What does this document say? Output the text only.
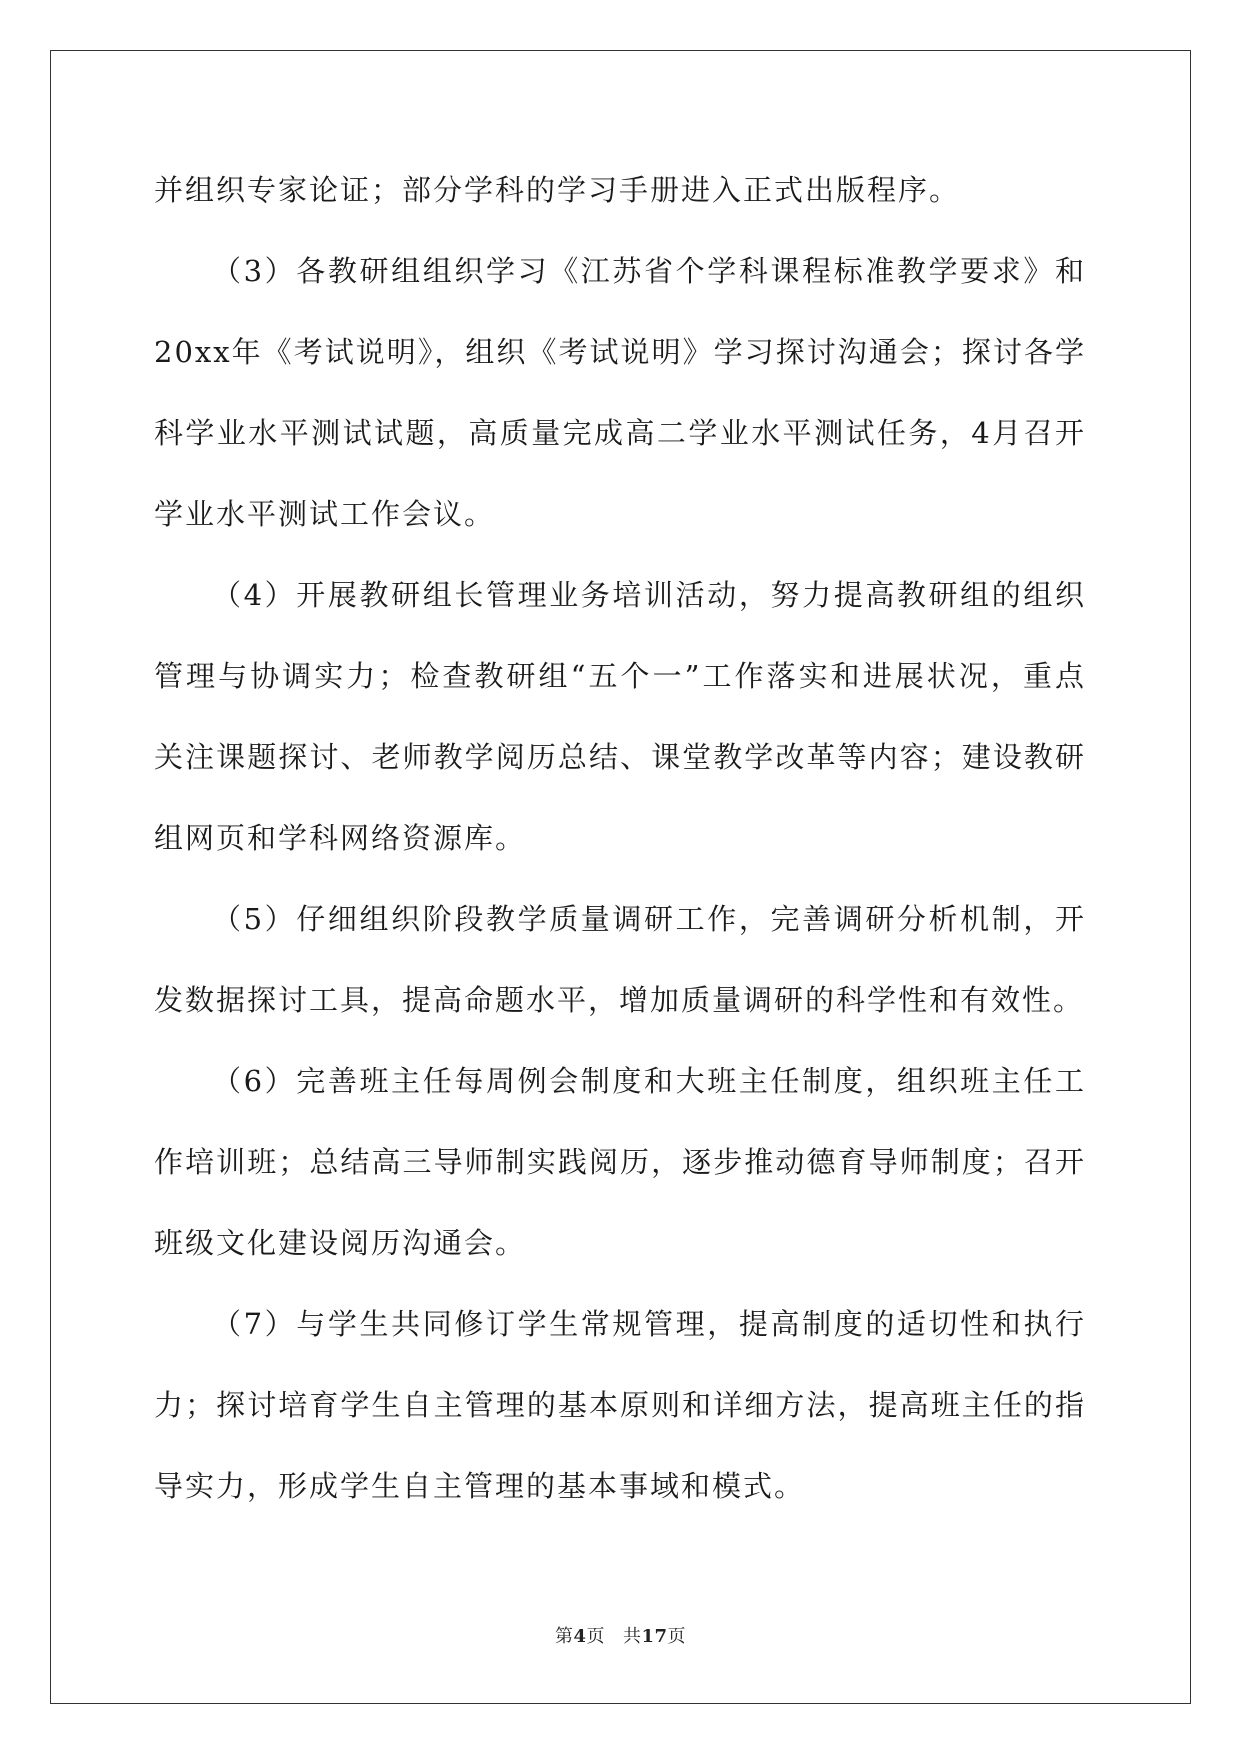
并组织专家论证；部分学科的学习手册进入正式出版程序。

（3）各教研组组织学习《江苏省个学科课程标准教学要求》和20xx年《考试说明》，组织《考试说明》学习探讨沟通会；探讨各学科学业水平测试试题，高质量完成高二学业水平测试任务，4月召开学业水平测试工作会议。

（4）开展教研组长管理业务培训活动，努力提高教研组的组织管理与协调实力；检查教研组“五个一”工作落实和进展状况，重点关注课题探讨、老师教学阅历总结、课堂教学改革等内容；建设教研组网页和学科网络资源库。

（5）仔细组织阶段教学质量调研工作，完善调研分析机制，开发数据探讨工具，提高命题水平，增加质量调研的科学性和有效性。

（6）完善班主任每周例会制度和大班主任制度，组织班主任工作培训班；总结高三导师制实践阅历，逐步推动德育导师制度；召开班级文化建设阅历沟通会。

（7）与学生共同修订学生常规管理，提高制度的适切性和执行力；探讨培育学生自主管理的基本原则和详细方法，提高班主任的指导实力，形成学生自主管理的基本事域和模式。

第4页 共17页
